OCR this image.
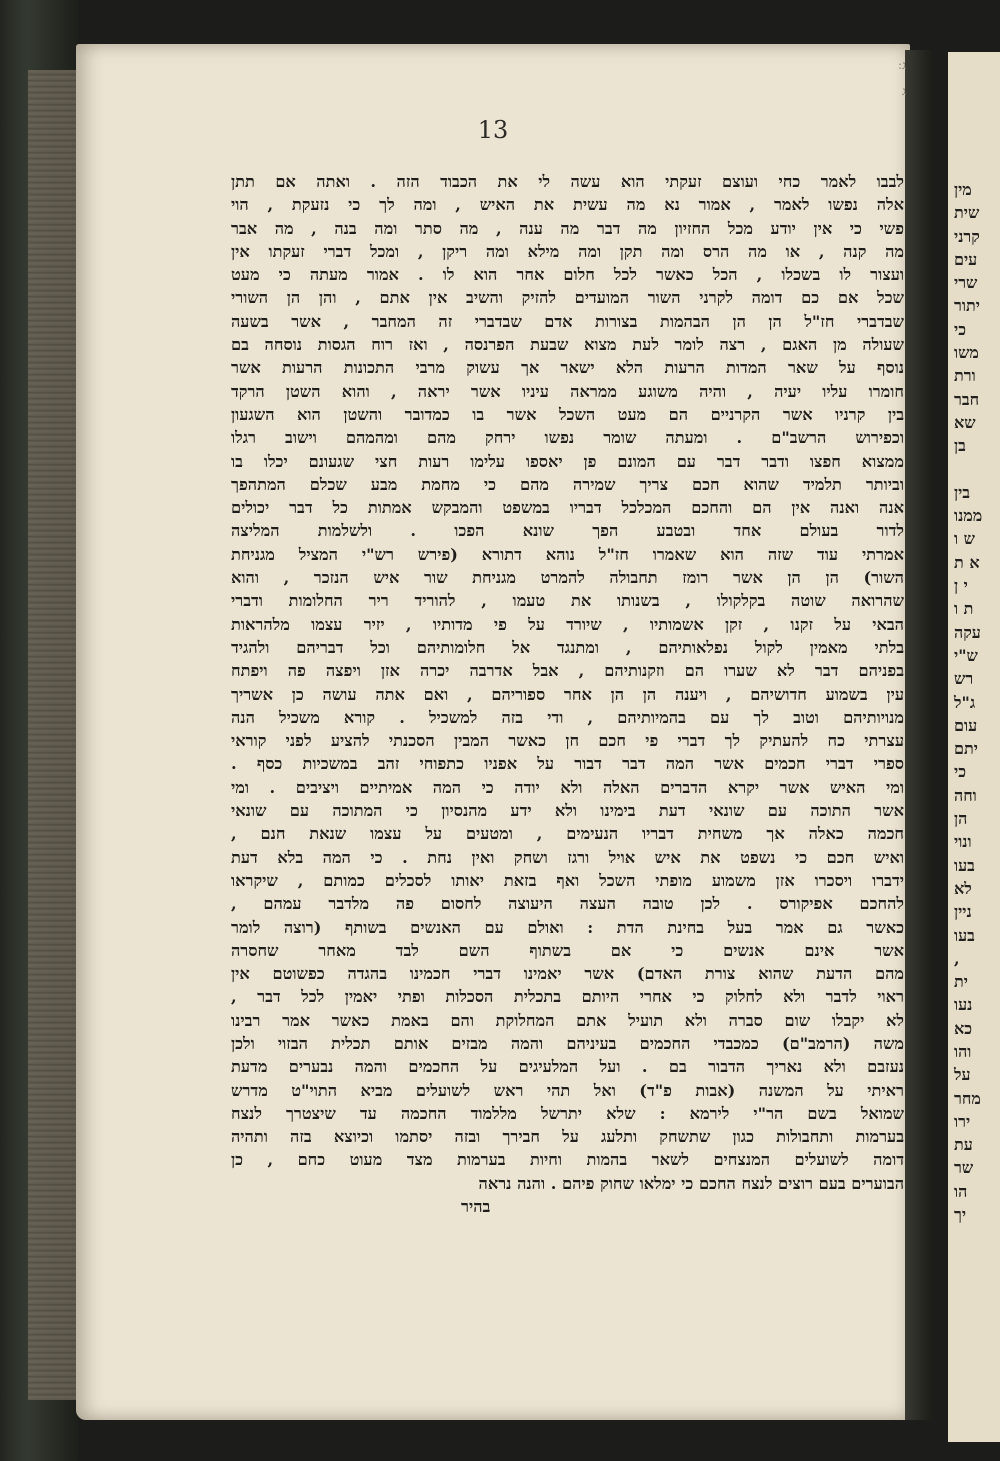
13
לבבו לאמר כחי ועוצם זעקתי הוא עשה לי את הכבוד הזה . ואתה אם תתן
אלה נפשו לאמר , אמור נא מה עשית את האיש , ומה לך כי נזעקת , הוי
פשי כי אין יודע מכל החזיון מה דבר מה ענה , מה סתר ומה בנה , מה אבר
מה קנה , או מה הרס ומה תקן ומה מילא ומה ריקן , ומכל דברי זעקתו אין
ועצור לו בשכלו , הכל כאשר לכל חלום אחר הוא לו . אמור מעתה כי מעט
שכל אם כם דומה לקרני השור המועדים להזיק והשיב אין אתם , והן הן השורי
שבדברי חז"ל הן הן הבהמות בצורות אדם שבדברי זה המחבר , אשר בשעה
שעולה מן האגם , רצה לומר לעת מצוא שבעת הפרנסה , ואז רוח הגסות נוסחה בם
נוסף על שאר המדות הרעות הלא ישאר אך עשוק מרבי התכונות הרעות אשר
חומרו עליו יעיה , והיה משוגע ממראה עיניו אשר יראה , והוא השטן הרקד
בין קרניו אשר הקרניים הם מעט השכל אשר בו כמדובר והשטן הוא השגעון
וכפירוש הרשב"ם . ומעתה שומר נפשו ירחק מהם ומהמהם וישוב רגלו
ממצוא חפצו ודבר דבר עם המונם פן יאספו עלימו רעות חצי שגעונם יכלו בו
וביותר תלמיד שהוא חכם צריך שמירה מהם כי מחמת מבע שכלם המתהפך
אנה ואנה אין הם והחכם המכלכל דבריו במשפט והמבקש אמתות כל דבר יכולים
לדור בעולם אחד ובטבע הפך שונא הפכו . ולשלמות המליצה
אמרתי עוד שזה הוא שאמרו חז"ל נוהא דתורא (פירש רש"י המציל מגניחת
השור) הן הן אשר רומז תחבולה להמרט מגניחת שור איש הנזכר , והוא
שהרואה שוטה בקלקולו , בשנותו את טעמו , להוריד ריר החלומות ודברי
הבאי על זקנו , זקן אשמותיו , שיורד על פי מדותיו , יזיר עצמו מלהראות
בלתי מאמין לקול נפלאותיהם , ומתנגד אל חלומותיהם וכל דבריהם ולהגיד
בפניהם דבר לא שערו הם וזקנותיהם , אבל אדרבה יכרה אזן ויפצה פה ויפתח
עין בשמוע חדושיהם , ויענה הן הן אחר ספוריהם , ואם אתה עושה כן אשריך
מנויותיהם וטוב לך עם בהמיותיהם , ודי בזה למשכיל . קורא משכיל הנה
עצרתי כח להעתיק לך דברי פי חכם חן כאשר המבין הסכנתי להציע לפני קוראי
ספרי דברי חכמים אשר המה דבר דבור על אפניו כתפוחי זהב במשכיות כסף .
ומי האיש אשר יקרא הדברים האלה ולא יודה כי המה אמיתיים ויציבים . ומי
אשר התוכה עם שונאי דעת בימינו ולא ידע מהנסיון כי המתוכה עם שונאי
חכמה כאלה אך משחית דבריו הנעימים , ומטעים על עצמו שנאת חנם ,
ואיש חכם כי נשפט את איש אויל ורגז ושחק ואין נחת . כי המה בלא דעת
ידברו ויסכרו אזן משמוע מופתי השכל ואף בזאת יאותו לסכלים כמותם , שיקראו
להחכם אפיקורס . לכן טובה העצה היעוצה לחסום פה מלדבר עמהם ,
כאשר גם אמר בעל בחינת הדת : ואולם עם האנשים בשותף (רוצה לומר
אשר אינם אנשים כי אם בשתוף השם לבד מאחר שחסרה
מהם הדעת שהוא צורת האדם) אשר יאמינו דברי חכמינו בהגדה כפשוטם אין
ראוי לדבר ולא לחלוק כי אחרי היותם בתכלית הסכלות ופתי יאמין לכל דבר ,
לא יקבלו שום סברה ולא תועיל אתם המחלוקת והם באמת כאשר אמר רבינו
משה (הרמב"ם) כמכבדי החכמים בעיניהם והמה מבזים אותם תכלית הבזוי ולכן
נעזבם ולא נאריך הדבור בם . ועל המלעיגים על החכמים והמה נבערים מדעת
ראיתי על המשנה (אבות פ"ד) ואל תהי ראש לשועלים מביא התוי"ט מדרש
שמואל בשם הר"י לירמא : שלא יתרשל מללמוד החכמה עד שיצטרך לנצח
בערמות ותחבולות כגון שתשחק ותלעג על חבירך ובזה יסתמו וכיוצא בזה ותהיה
דומה לשועלים המנצחים לשאר בהמות וחיות בערמות מצד מעוט כחם , כן
הבוערים בעם רוצים לנצח החכם כי ימלאו שחוק פיהם . והנה נראה
בהיר
ג:
ג
מין
שית
קרני
עים
שרי
יתור
כי
משו
ורת
חבר
שא
בן
בין
ממנו
ש ו
א ת
י ן
ת ו
עקה
ש"י
רש
ג"ל
עום
יתם
כי
וחה
הן
ונוי
בעו
לא
ניין
בעו
,
ית
נעו
כא
והו
על
מחר
ירו
עת
שר
הו
יך
